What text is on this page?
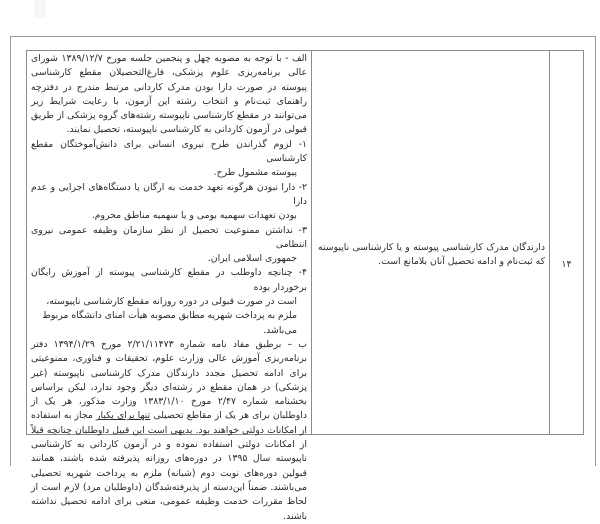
۱۴
دارندگان مدرک کارشناسی پیوسته و یا کارشناسی ناپیوسته که ثبت‌نام و ادامه تحصیل آنان بلامانع است.

الف - با توجه به مصوبه چهل و پنجمین جلسه مورخ ۱۳۸۹/۱۲/۷ شورای عالی برنامه‌ریزی علوم پزشکی، فارغ‌التحصیلان مقطع کارشناسی پیوسته در صورت دارا بودن مدرک کاردانی مرتبط مندرج در دفترچه راهنمای ثبت‌نام و انتخاب رشته این آزمون، با رعایت شرایط زیر می‌توانند در مقطع کارشناسی ناپیوسته رشته‌های گروه پزشکی از طریق قبولی در آزمون کاردانی به کارشناسی ناپیوسته، تحصیل نمایند.

۱- لزوم گذراندن طرح نیروی انسانی برای دانش‌آموختگان مقطع کارشناسی
پیوسته مشمول طرح.

۲- دارا نبودن هرگونه تعهد خدمت به ارگان یا دستگاه‌های اجرایی و عدم دارا
بودن تعهدات سهمیه بومی و یا سهمیه مناطق محروم.

۳- نداشتن ممنوعیت تحصیل از نظر سازمان وظیفه عمومی نیروی انتظامی
جمهوری اسلامی ایران.

۴- چنانچه داوطلب در مقطع کارشناسی پیوسته از آموزش رایگان برخوردار بوده
است در صورت قبولی در دوره روزانه مقطع کارشناسی ناپیوسته، ملزم به پرداخت شهریه مطابق مصوبه هیأت امنای دانشگاه مربوط می‌باشد.

ب – برطبق مفاد نامه شماره ۲/۲۱/۱۱۴۷۳ مورخ ۱۳۹۴/۱/۲۹ دفتر برنامه‌ریزی آموزش عالی وزارت علوم، تحقیقات و فناوری، ممنوعیتی برای ادامه تحصیل مجدد دارندگان مدرک کارشناسی ناپیوسته (غیر پزشکی) در همان مقطع در رشته‌ای دیگر وجود ندارد، لیکن براساس بخشنامه شماره ۲/۴۷ مورخ ۱۳۸۳/۱/۱۰ وزارت مذکور، هر یک از داوطلبان برای هر یک از مقاطع تحصیلی تنها برای یکبار مجاز به استفاده از امکانات دولتی خواهند بود. بدیهی است این قبیل داوطلبان چنانچه قبلاً از امکانات دولتی استفاده نموده و در آزمون کاردانی به کارشناسی ناپیوسته سال ۱۳۹۵ در دوره‌های روزانه پذیرفته شده باشند، همانند قبولین دوره‌های نوبت دوم (شبانه) ملزم به پرداخت شهریه تحصیلی می‌باشند. ضمناً این‌دسته از پذیرفته‌شدگان (داوطلبان مرد) لازم است از لحاظ مقررات خدمت وظیفه عمومی، منعی برای ادامه تحصیل نداشته باشند.
